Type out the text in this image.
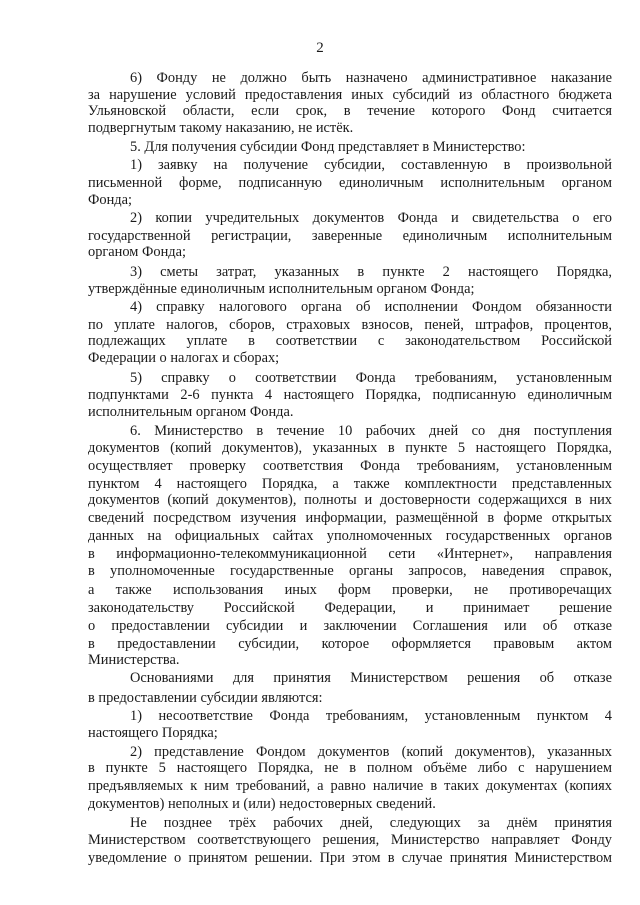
2
6) Фонду не должно быть назначено административное наказание
за нарушение условий предоставления иных субсидий из областного бюджета
Ульяновской области, если срок, в течение которого Фонд считается
подвергнутым такому наказанию, не истёк.
5. Для получения субсидии Фонд представляет в Министерство:
1) заявку на получение субсидии, составленную в произвольной
письменной форме, подписанную единоличным исполнительным органом
Фонда;
2) копии учредительных документов Фонда и свидетельства о его
государственной регистрации, заверенные единоличным исполнительным
органом Фонда;
3) сметы затрат, указанных в пункте 2 настоящего Порядка,
утверждённые единоличным исполнительным органом Фонда;
4) справку налогового органа об исполнении Фондом обязанности
по уплате налогов, сборов, страховых взносов, пеней, штрафов, процентов,
подлежащих уплате в соответствии с законодательством Российской
Федерации о налогах и сборах;
5) справку о соответствии Фонда требованиям, установленным
подпунктами 2-6 пункта 4 настоящего Порядка, подписанную единоличным
исполнительным органом Фонда.
6. Министерство в течение 10 рабочих дней со дня поступления
документов (копий документов), указанных в пункте 5 настоящего Порядка,
осуществляет проверку соответствия Фонда требованиям, установленным
пунктом 4 настоящего Порядка, а также комплектности представленных
документов (копий документов), полноты и достоверности содержащихся в них
сведений посредством изучения информации, размещённой в форме открытых
данных на официальных сайтах уполномоченных государственных органов
в информационно-телекоммуникационной сети «Интернет», направления
в уполномоченные государственные органы запросов, наведения справок,
а также использования иных форм проверки, не противоречащих
законодательству Российской Федерации, и принимает решение
о предоставлении субсидии и заключении Соглашения или об отказе
в предоставлении субсидии, которое оформляется правовым актом
Министерства.
Основаниями для принятия Министерством решения об отказе
в предоставлении субсидии являются:
1) несоответствие Фонда требованиям, установленным пунктом 4
настоящего Порядка;
2) представление Фондом документов (копий документов), указанных
в пункте 5 настоящего Порядка, не в полном объёме либо с нарушением
предъявляемых к ним требований, а равно наличие в таких документах (копиях
документов) неполных и (или) недостоверных сведений.
Не позднее трёх рабочих дней, следующих за днём принятия
Министерством соответствующего решения, Министерство направляет Фонду
уведомление о принятом решении. При этом в случае принятия Министерством
